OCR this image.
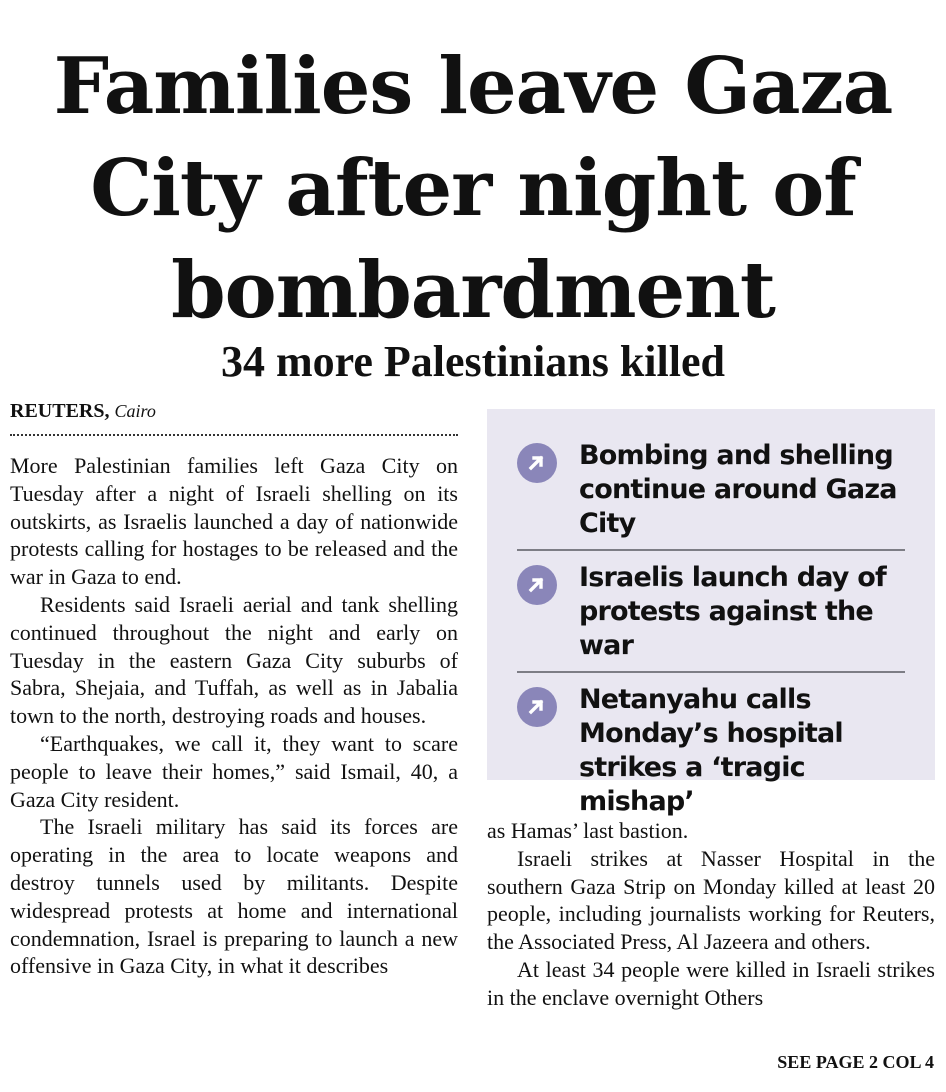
Families leave Gaza
City after night of
bombardment
34 more Palestinians killed
REUTERS, Cairo

More Palestinian families left Gaza City on Tuesday after a night of Israeli shelling on its outskirts, as Israelis launched a day of nationwide protests calling for hostages to be released and the war in Gaza to end.

Residents said Israeli aerial and tank shelling continued throughout the night and early on Tuesday in the eastern Gaza City suburbs of Sabra, Shejaia, and Tuffah, as well as in Jabalia town to the north, destroying roads and houses.

“Earthquakes, we call it, they want to scare people to leave their homes,” said Ismail, 40, a Gaza City resident.

The Israeli military has said its forces are operating in the area to locate weapons and destroy tunnels used by militants. Despite widespread protests at home and international condemnation, Israel is preparing to launch a new offensive in Gaza City, in what it describes

Bombing and shelling continue around Gaza City
Israelis launch day of protests against the war
Netanyahu calls Monday’s hospital strikes a ‘tragic mishap’

as Hamas’ last bastion.

Israeli strikes at Nasser Hospital in the southern Gaza Strip on Monday killed at least 20 people, including journalists working for Reuters, the Associated Press, Al Jazeera and others.

At least 34 people were killed in Israeli strikes in the enclave overnight Others

SEE PAGE 2 COL 4
